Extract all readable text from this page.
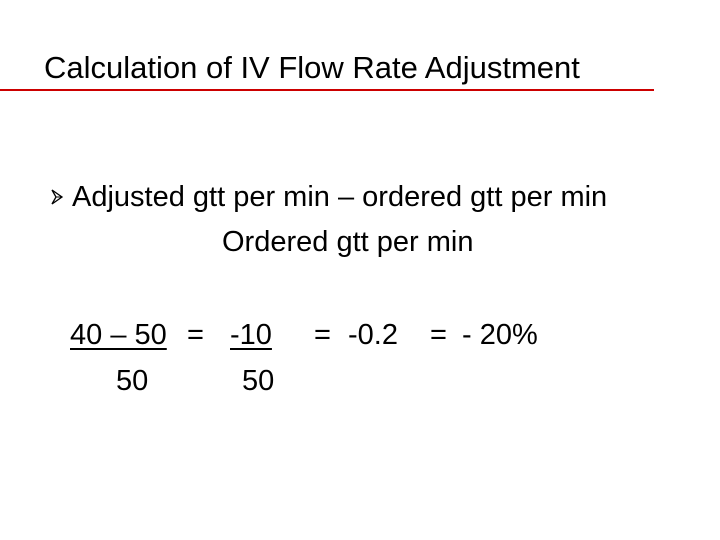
Calculation of IV Flow Rate Adjustment
Adjusted gtt per min – ordered gtt per min
Ordered gtt per min
40 – 50 = -10 = -0.2 = - 20%
50	50
